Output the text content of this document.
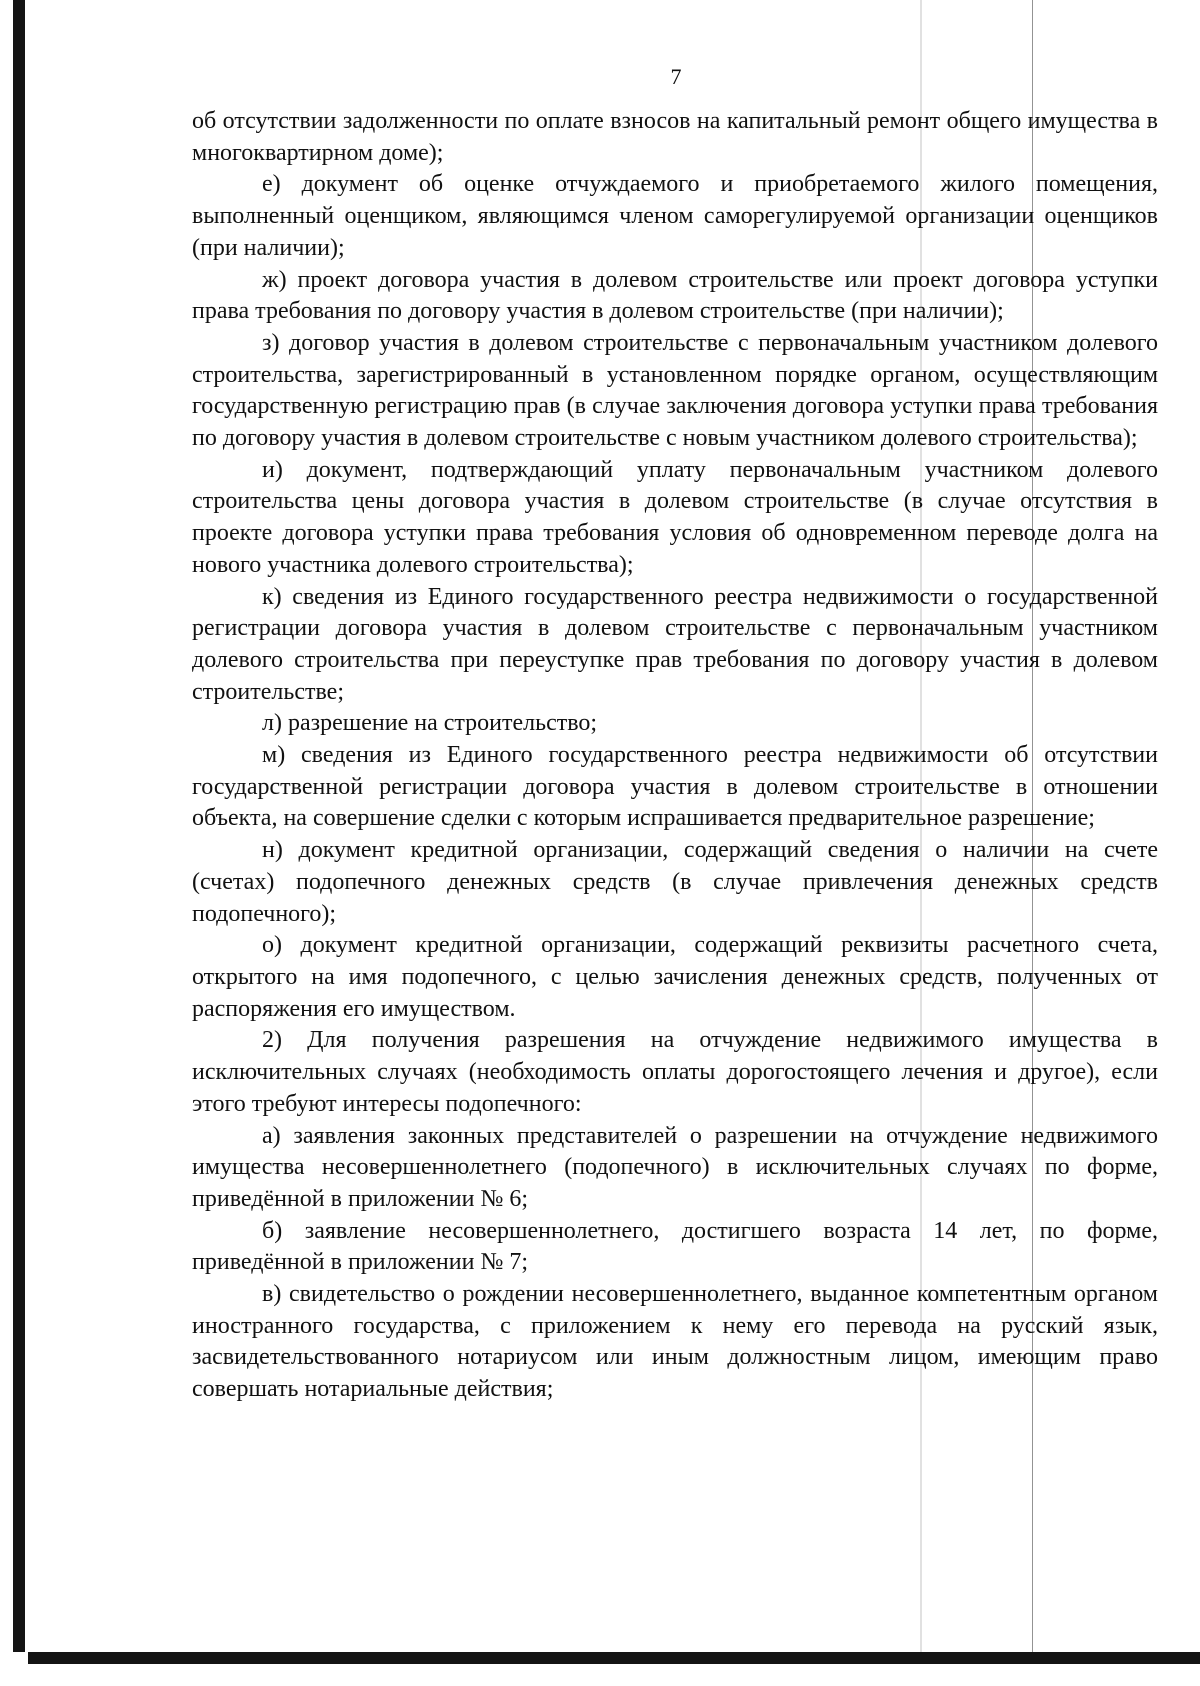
7

об отсутствии задолженности по оплате взносов на капитальный ремонт общего имущества в многоквартирном доме);

е) документ об оценке отчуждаемого и приобретаемого жилого помещения, выполненный оценщиком, являющимся членом саморегулируемой организации оценщиков (при наличии);

ж) проект договора участия в долевом строительстве или проект договора уступки права требования по договору участия в долевом строительстве (при наличии);

з) договор участия в долевом строительстве с первоначальным участником долевого строительства, зарегистрированный в установленном порядке органом, осуществляющим государственную регистрацию прав (в случае заключения договора уступки права требования по договору участия в долевом строительстве с новым участником долевого строительства);

и) документ, подтверждающий уплату первоначальным участником долевого строительства цены договора участия в долевом строительстве (в случае отсутствия в проекте договора уступки права требования условия об одновременном переводе долга на нового участника долевого строительства);

к) сведения из Единого государственного реестра недвижимости о государственной регистрации договора участия в долевом строительстве с первоначальным участником долевого строительства при переуступке прав требования по договору участия в долевом строительстве;

л) разрешение на строительство;

м) сведения из Единого государственного реестра недвижимости об отсутствии государственной регистрации договора участия в долевом строительстве в отношении объекта, на совершение сделки с которым испрашивается предварительное разрешение;

н) документ кредитной организации, содержащий сведения о наличии на счете (счетах) подопечного денежных средств (в случае привлечения денежных средств подопечного);

о) документ кредитной организации, содержащий реквизиты расчетного счета, открытого на имя подопечного, с целью зачисления денежных средств, полученных от распоряжения его имуществом.

2) Для получения разрешения на отчуждение недвижимого имущества в исключительных случаях (необходимость оплаты дорогостоящего лечения и другое), если этого требуют интересы подопечного:

а) заявления законных представителей о разрешении на отчуждение недвижимого имущества несовершеннолетнего (подопечного) в исключительных случаях по форме, приведённой в приложении № 6;

б) заявление несовершеннолетнего, достигшего возраста 14 лет, по форме, приведённой в приложении № 7;

в) свидетельство о рождении несовершеннолетнего, выданное компетентным органом иностранного государства, с приложением к нему его перевода на русский язык, засвидетельствованного нотариусом или иным должностным лицом, имеющим право совершать нотариальные действия;
